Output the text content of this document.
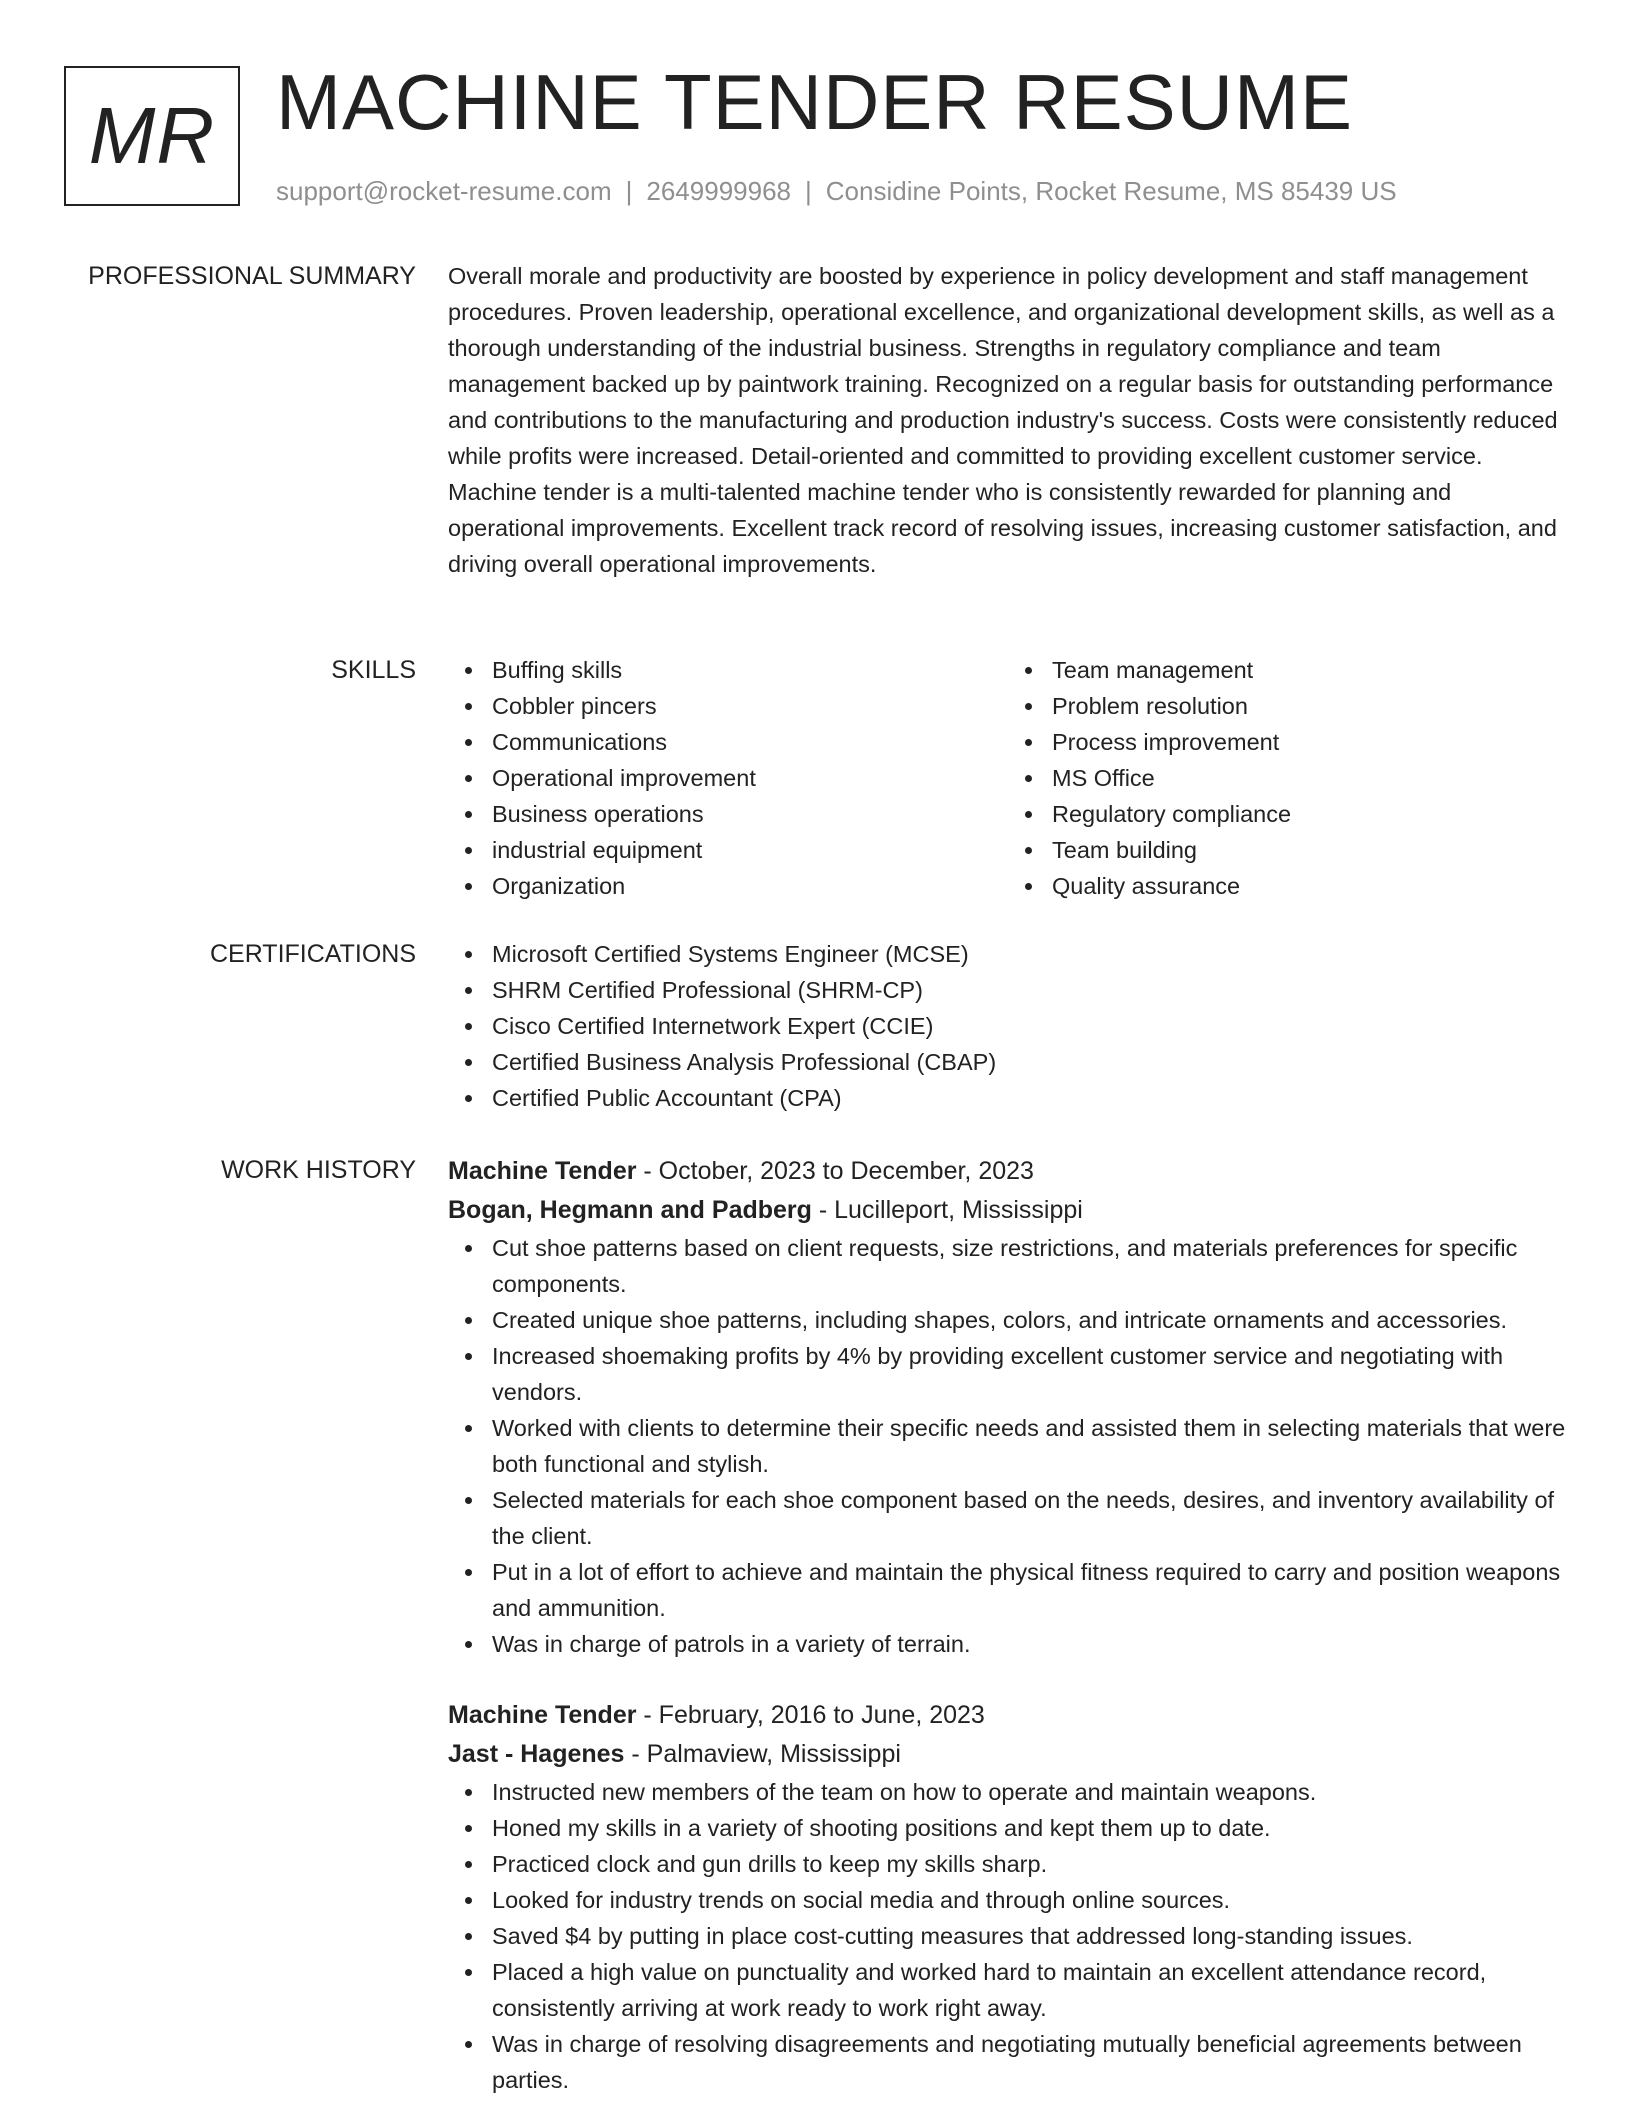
MR MACHINE TENDER RESUME
support@rocket-resume.com | 2649999968 | Considine Points, Rocket Resume, MS 85439 US
PROFESSIONAL SUMMARY Overall morale and productivity are boosted by experience in policy development and staff management procedures. Proven leadership, operational excellence, and organizational development skills, as well as a thorough understanding of the industrial business. Strengths in regulatory compliance and team management backed up by paintwork training. Recognized on a regular basis for outstanding performance and contributions to the manufacturing and production industry's success. Costs were consistently reduced while profits were increased. Detail-oriented and committed to providing excellent customer service. Machine tender is a multi-talented machine tender who is consistently rewarded for planning and operational improvements. Excellent track record of resolving issues, increasing customer satisfaction, and driving overall operational improvements.

SKILLS	Buffing skills
Cobbler pincers
Communications
Operational improvement
Business operations
industrial equipment
Organization
Team management
Problem resolution
Process improvement
MS Office
Regulatory compliance
Team building
Quality assurance
CERTIFICATIONS	Microsoft Certified Systems Engineer (MCSE)
SHRM Certified Professional (SHRM-CP)
Cisco Certified Internetwork Expert (CCIE)
Certified Business Analysis Professional (CBAP)
Certified Public Accountant (CPA)
WORK HISTORY Machine Tender - October, 2023 to December, 2023
Bogan, Hegmann and Padberg - Lucilleport, Mississippi
Cut shoe patterns based on client requests, size restrictions, and materials preferences for specific components.
Created unique shoe patterns, including shapes, colors, and intricate ornaments and accessories.
Increased shoemaking profits by 4% by providing excellent customer service and negotiating with vendors.
Worked with clients to determine their specific needs and assisted them in selecting materials that were both functional and stylish.
Selected materials for each shoe component based on the needs, desires, and inventory availability of the client.
Put in a lot of effort to achieve and maintain the physical fitness required to carry and position weapons and ammunition.
Was in charge of patrols in a variety of terrain.
Machine Tender - February, 2016 to June, 2023
Jast - Hagenes - Palmaview, Mississippi
Instructed new members of the team on how to operate and maintain weapons.
Honed my skills in a variety of shooting positions and kept them up to date.
Practiced clock and gun drills to keep my skills sharp.
Looked for industry trends on social media and through online sources.
Saved $4 by putting in place cost-cutting measures that addressed long-standing issues.
Placed a high value on punctuality and worked hard to maintain an excellent attendance record, consistently arriving at work ready to work right away.
Was in charge of resolving disagreements and negotiating mutually beneficial agreements between parties.
